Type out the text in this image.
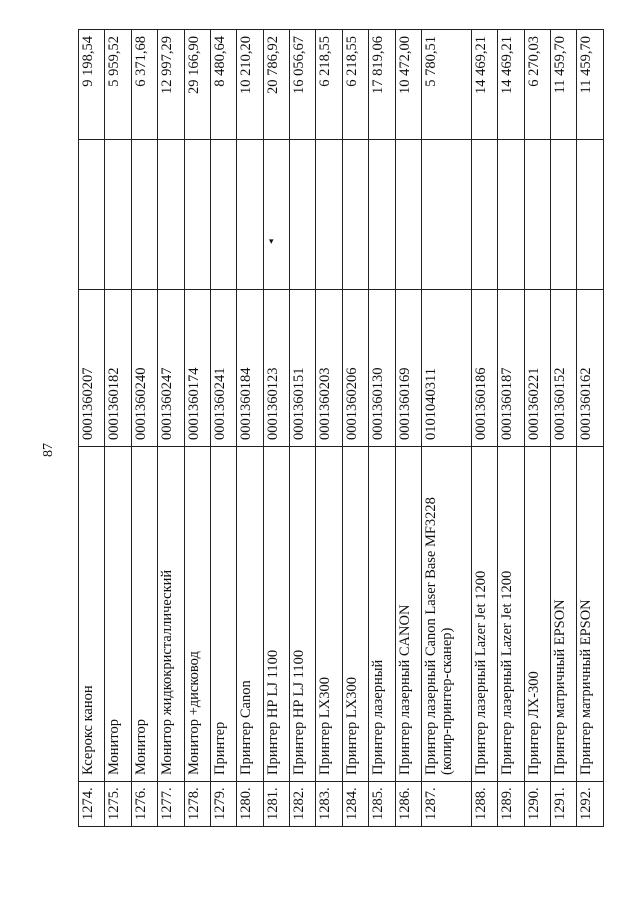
87
1274.	Ксерокс канон	0001360207		9 198,54
1275.	Монитор	0001360182		5 959,52
1276.	Монитор	0001360240		6 371,68
1277.	Монитор жидкокристаллический	0001360247		12 997,29
1278.	Монитор +дисковод	0001360174		29 166,90
1279.	Принтер	0001360241		8 480,64
1280.	Принтер Canon	0001360184		10 210,20
1281.	Принтер HP LJ 1100	0001360123		20 786,92
1282.	Принтер HP LJ 1100	0001360151		16 056,67
1283.	Принтер LX300	0001360203		6 218,55
1284.	Принтер LX300	0001360206		6 218,55
1285.	Принтер лазерный	0001360130		17 819,06
1286.	Принтер лазерный CANON	0001360169		10 472,00
1287.	Принтер лазерный Canon Laser Base MF3228 (копир-принтер-сканер)	0101040311		5 780,51
1288.	Принтер лазерный Lazer Jet 1200	0001360186		14 469,21
1289.	Принтер лазерный Lazer Jet 1200	0001360187		14 469,21
1290.	Принтер ЛХ-300	0001360221		6 270,03
1291.	Принтер матричный EPSON	0001360152		11 459,70
1292.	Принтер матричный EPSON	0001360162		11 459,70
▾
